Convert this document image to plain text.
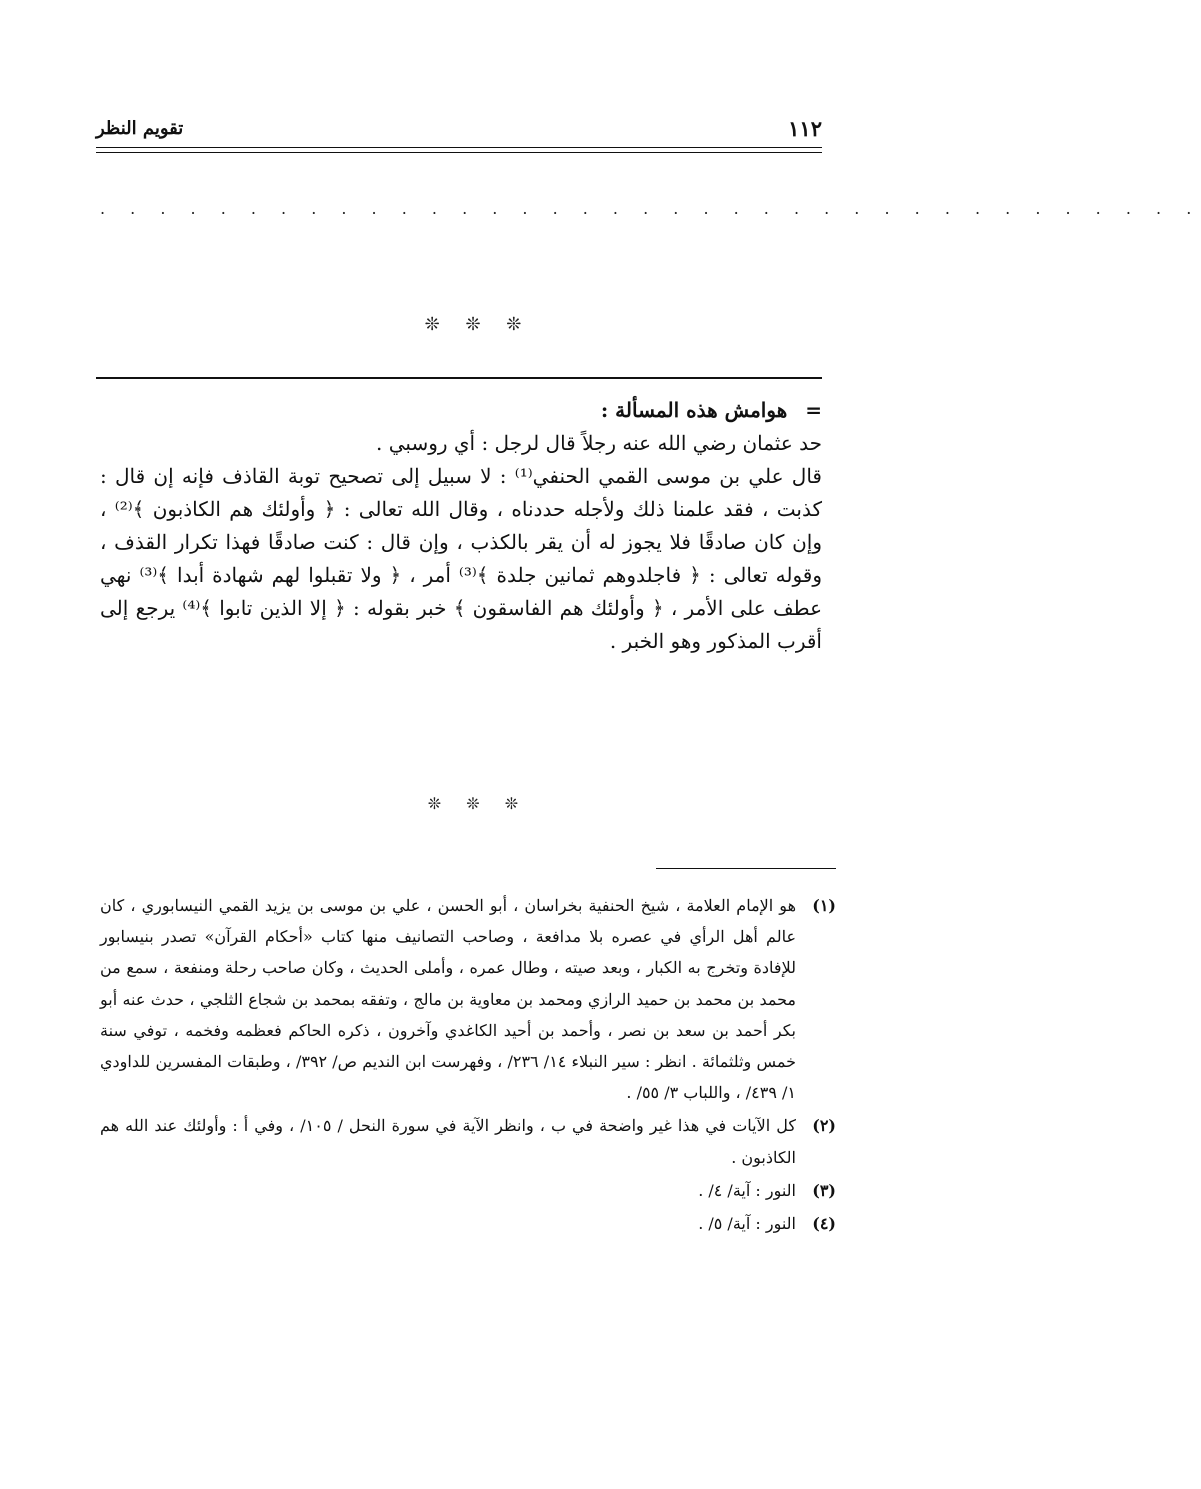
١١٢
تقويم النظر
. . . . . . . . . . . . . . . . . . . . . . . . . . . . . . . . . . . . .
❊ ❊ ❊
=
هوامش هذه المسألة :

حد عثمان رضي الله عنه رجلاً قال لرجل : أي روسبي .

قال علي بن موسى القمي الحنفي⁽¹⁾ : لا سبيل إلى تصحيح توبة القاذف فإنه إن قال : كذبت ، فقد علمنا ذلك ولأجله حددناه ، وقال الله تعالى : ﴿ وأولئك هم الكاذبون ﴾⁽²⁾ ، وإن كان صادقًا فلا يجوز له أن يقر بالكذب ، وإن قال : كنت صادقًا فهذا تكرار القذف ، وقوله تعالى : ﴿ فاجلدوهم ثمانين جلدة ﴾⁽³⁾ أمر ، ﴿ ولا تقبلوا لهم شهادة أبدا ﴾⁽³⁾ نهي عطف على الأمر ، ﴿ وأولئك هم الفاسقون ﴾ خبر بقوله : ﴿ إلا الذين تابوا ﴾⁽⁴⁾ يرجع إلى أقرب المذكور وهو الخبر .

❊ ❊ ❊
(١)
هو الإمام العلامة ، شيخ الحنفية بخراسان ، أبو الحسن ، علي بن موسى بن يزيد القمي النيسابوري ، كان عالم أهل الرأي في عصره بلا مدافعة ، وصاحب التصانيف منها كتاب «أحكام القرآن» تصدر بنيسابور للإفادة وتخرج به الكبار ، وبعد صيته ، وطال عمره ، وأملى الحديث ، وكان صاحب رحلة ومنفعة ، سمع من محمد بن محمد بن حميد الرازي ومحمد بن معاوية بن مالج ، وتفقه بمحمد بن شجاع الثلجي ، حدث عنه أبو بكر أحمد بن سعد بن نصر ، وأحمد بن أحيد الكاغدي وآخرون ، ذكره الحاكم فعظمه وفخمه ، توفي سنة خمس وثلثمائة . انظر : سير النبلاء ١٤/ ٢٣٦/ ، وفهرست ابن النديم ص/ ٣٩٢/ ، وطبقات المفسرين للداودي ١/ ٤٣٩/ ، واللباب ٣/ ٥٥/ .
(٢)
كل الآيات في هذا غير واضحة في ب ، وانظر الآية في سورة النحل / ١٠٥/ ، وفي أ : وأولئك عند الله هم الكاذبون .
(٣)
النور : آية/ ٤/ .
(٤)
النور : آية/ ٥/ .
